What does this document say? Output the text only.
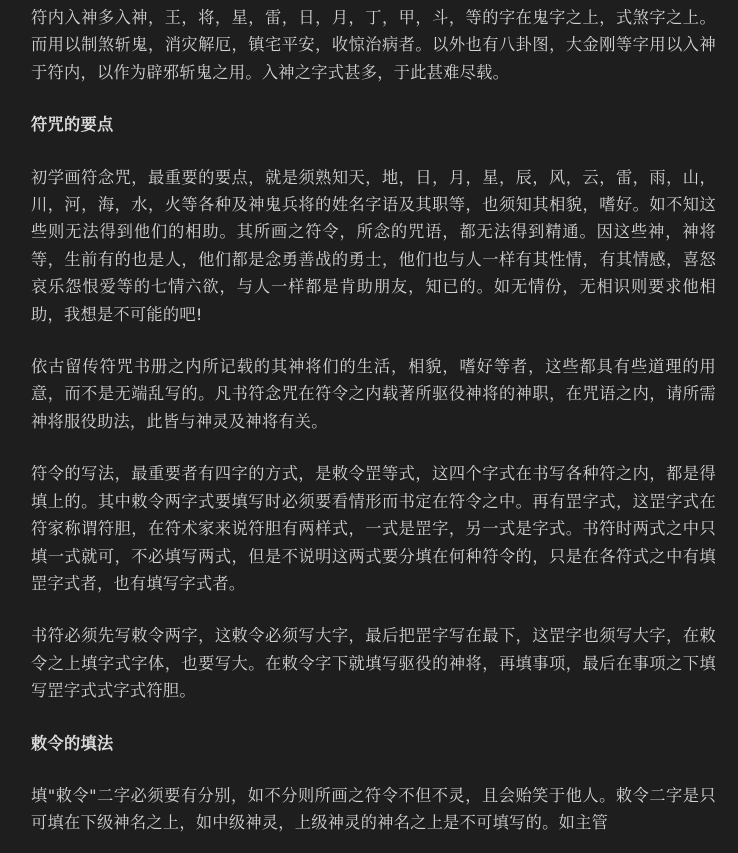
符内入神多入神，王，将，星，雷，日，月，丁，甲，斗，等的字在鬼字之上，式煞字之上。而用以制煞斩鬼，消灾解厄，镇宅平安，收惊治病者。以外也有八卦图，大金刚等字用以入神于符内，以作为辟邪斩鬼之用。入神之字式甚多，于此甚难尽载。

符咒的要点

初学画符念咒，最重要的要点，就是须熟知天，地，日，月，星，辰，风，云，雷，雨，山，川，河，海，水，火等各种及神鬼兵将的姓名字语及其职等，也须知其相貌，嗜好。如不知这些则无法得到他们的相助。其所画之符令，所念的咒语，都无法得到精通。因这些神，神将等，生前有的也是人，他们都是念勇善战的勇士，他们也与人一样有其性情，有其情感，喜怒哀乐怨恨爱等的七情六欲，与人一样都是肯助朋友，知已的。如无情份，无相识则要求他相助，我想是不可能的吧!

依古留传符咒书册之内所记载的其神将们的生活，相貌，嗜好等者，这些都具有些道理的用意，而不是无端乱写的。凡书符念咒在符令之内载著所驱役神将的神职，在咒语之内，请所需神将服役助法，此皆与神灵及神将有关。

符令的写法，最重要者有四字的方式，是敕令罡等式，这四个字式在书写各种符之内，都是得填上的。其中敕令两字式要填写时必须要看情形而书定在符令之中。再有罡字式，这罡字式在符家称谓符胆，在符术家来说符胆有两样式，一式是罡字，另一式是字式。书符时两式之中只填一式就可，不必填写两式，但是不说明这两式要分填在何种符令的，只是在各符式之中有填罡字式者，也有填写字式者。

书符必须先写敕令两字，这敕令必须写大字，最后把罡字写在最下，这罡字也须写大字，在敕令之上填字式字体，也要写大。在敕令字下就填写驱役的神将，再填事项，最后在事项之下填写罡字式式字式符胆。

敕令的填法

填"敕令"二字必须要有分别，如不分则所画之符令不但不灵，且会贻笑于他人。敕令二字是只可填在下级神名之上，如中级神灵，上级神灵的神名之上是不可填写的。如主管
